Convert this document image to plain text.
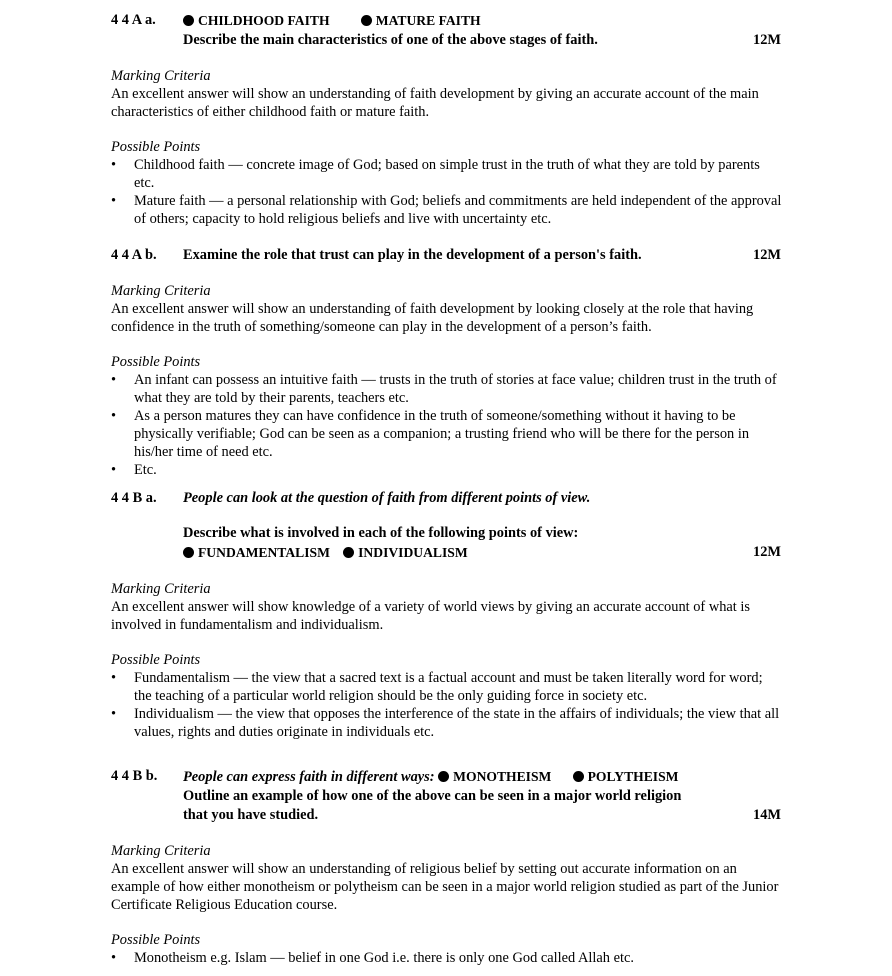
4 4 A a.	CHILDHOOD FAITH	MATURE FAITH
Describe the main characteristics of one of the above stages of faith.	12M
Marking Criteria

An excellent answer will show an understanding of faith development by giving an accurate account of the main characteristics of either childhood faith or mature faith.

Possible Points
• Childhood faith — concrete image of God; based on simple trust in the truth of what they are told by parents etc.
• Mature faith — a personal relationship with God; beliefs and commitments are held independent of the approval of others; capacity to hold religious beliefs and live with uncertainty etc.
4 4 A b.	Examine the role that trust can play in the development of a person's faith.	12M
Marking Criteria

An excellent answer will show an understanding of faith development by looking closely at the role that having confidence in the truth of something/someone can play in the development of a person’s faith.

Possible Points
• An infant can possess an intuitive faith — trusts in the truth of stories at face value; children trust in the truth of what they are told by their parents, teachers etc.
• As a person matures they can have confidence in the truth of someone/something without it having to be physically verifiable; God can be seen as a companion; a trusting friend who will be there for the person in his/her time of need etc.
• Etc.
4 4 B a.	People can look at the question of faith from different points of view.
Describe what is involved in each of the following points of view:
FUNDAMENTALISM INDIVIDUALISM	12M
Marking Criteria

An excellent answer will show knowledge of a variety of world views by giving an accurate account of what is involved in fundamentalism and individualism.

Possible Points
• Fundamentalism — the view that a sacred text is a factual account and must be taken literally word for word; the teaching of a particular world religion should be the only guiding force in society etc.
• Individualism — the view that opposes the interference of the state in the affairs of individuals; the view that all values, rights and duties originate in individuals etc.
4 4 B b.	People can express faith in different ways: MONOTHEISM	POLYTHEISM
Outline an example of how one of the above can be seen in a major world religion
that you have studied.	14M
Marking Criteria

An excellent answer will show an understanding of religious belief by setting out accurate information on an example of how either monotheism or polytheism can be seen in a major world religion studied as part of the Junior Certificate Religious Education course.

Possible Points
• Monotheism e.g. Islam — belief in one God i.e. there is only one God called Allah etc.
